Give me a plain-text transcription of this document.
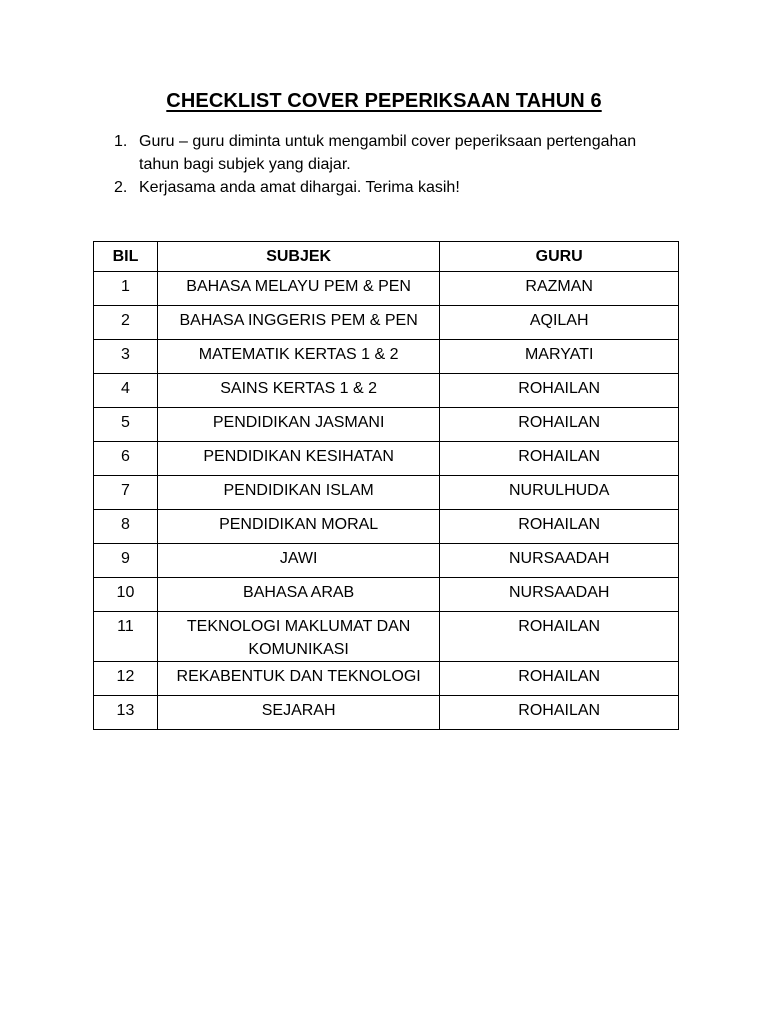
CHECKLIST COVER PEPERIKSAAN TAHUN 6
1. Guru – guru diminta untuk mengambil cover peperiksaan pertengahan tahun bagi subjek yang diajar.
2. Kerjasama anda amat dihargai. Terima kasih!
BIL	SUBJEK	GURU
1	BAHASA MELAYU PEM & PEN	RAZMAN
2	BAHASA INGGERIS PEM & PEN	AQILAH
3	MATEMATIK KERTAS 1 & 2	MARYATI
4	SAINS KERTAS 1 & 2	ROHAILAN
5	PENDIDIKAN JASMANI	ROHAILAN
6	PENDIDIKAN KESIHATAN	ROHAILAN
7	PENDIDIKAN ISLAM	NURULHUDA
8	PENDIDIKAN MORAL	ROHAILAN
9	JAWI	NURSAADAH
10	BAHASA ARAB	NURSAADAH
11	TEKNOLOGI MAKLUMAT DAN KOMUNIKASI	ROHAILAN
12	REKABENTUK DAN TEKNOLOGI	ROHAILAN
13	SEJARAH	ROHAILAN
